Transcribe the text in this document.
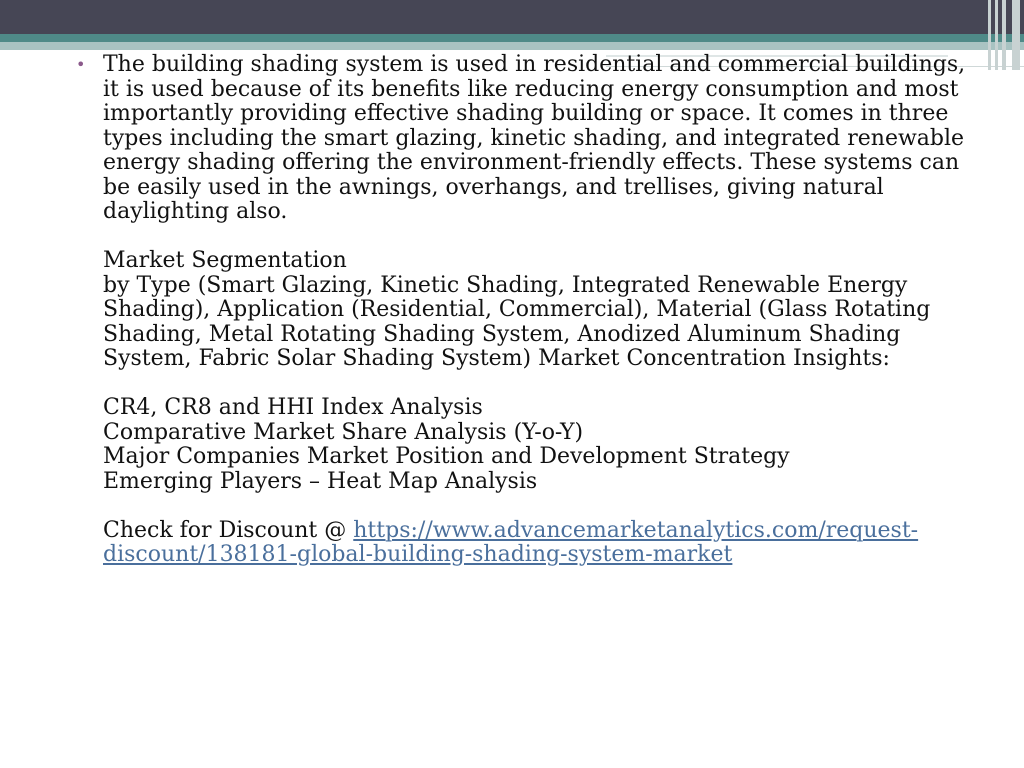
• The building shading system is used in residential and commercial buildings, it is used because of its benefits like reducing energy consumption and most importantly providing effective shading building or space. It comes in three types including the smart glazing, kinetic shading, and integrated renewable energy shading offering the environment-friendly effects. These systems can be easily used in the awnings, overhangs, and trellises, giving natural daylighting also.

Market Segmentation
by Type (Smart Glazing, Kinetic Shading, Integrated Renewable Energy Shading), Application (Residential, Commercial), Material (Glass Rotating Shading, Metal Rotating Shading System, Anodized Aluminum Shading System, Fabric Solar Shading System) Market Concentration Insights:
CR4, CR8 and HHI Index Analysis
Comparative Market Share Analysis (Y-o-Y)
Major Companies Market Position and Development Strategy
Emerging Players – Heat Map Analysis
Check for Discount @ https://www.advancemarketanalytics.com/request-discount/138181-global-building-shading-system-market
